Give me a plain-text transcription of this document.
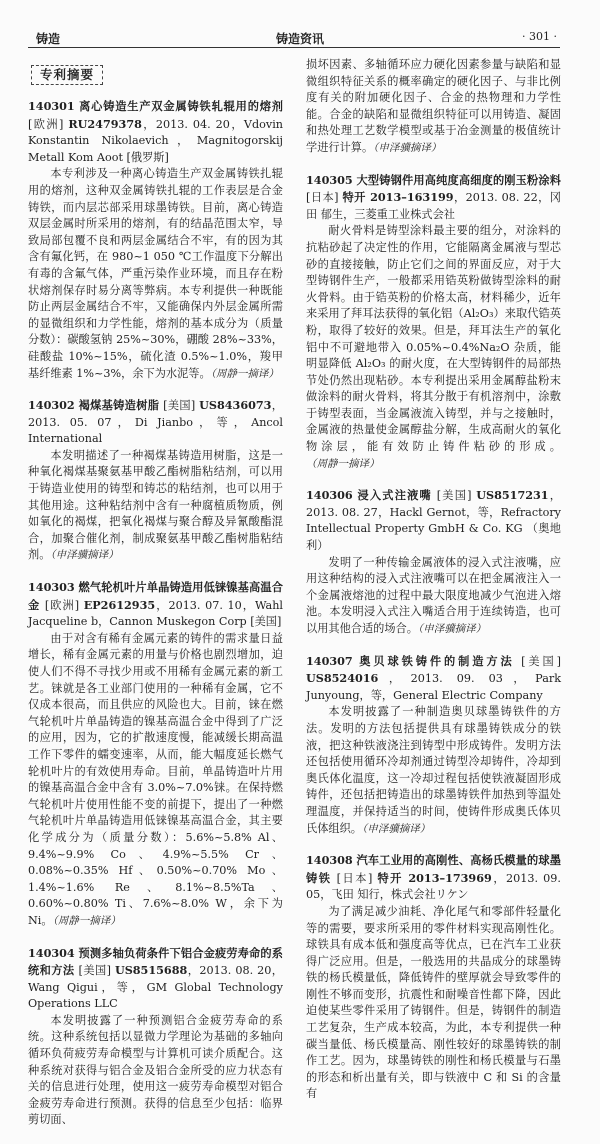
铸造	铸造资讯	· 301 ·
专利摘要

140301 离心铸造生产双金属铸铁轧辊用的熔剂 [欧洲] RU2479378，2013. 04. 20，Vdovin Konstantin Nikolaevich，Magnitogorskij Metall Kom Aoot [俄罗斯]

本专利涉及一种离心铸造生产双金属铸铁扎辊用的熔剂，这种双金属铸铁扎辊的工作表层是合金铸铁，而内层芯部采用球墨铸铁。目前，离心铸造双层金属时所采用的熔剂，有的结晶范围太窄，导致局部包覆不良和两层金属结合不牢，有的因为其含有氟化钙，在 980~1 050 ℃工作温度下分解出有毒的含氟气体，严重污染作业环境，而且存在粉状熔剂保存时易分离等弊病。本专利提供一种既能防止两层金属结合不牢，又能确保内外层金属所需的显微组织和力学性能，熔剂的基本成分为（质量分数）：碳酸氢钠 25%~30%，硼酸 28%~33%，硅酸盐 10%~15%，硫化渣 0.5%~1.0%，羧甲基纤维素 1%~3%，余下为水泥等。（周静一摘译）

140302 褐煤基铸造树脂 [美国] US8436073，2013. 05. 07，Di Jianbo，等，Ancol International

本发明描述了一种褐煤基铸造用树脂，这是一种氧化褐煤基聚氨基甲酸乙酯树脂粘结剂，可以用于铸造业使用的铸型和铸芯的粘结剂，也可以用于其他用途。这种粘结剂中含有一种腐植质物质，例如氧化的褐煤，把氧化褐煤与聚合醇及异氰酸酯混合，加聚合催化剂，制成聚氨基甲酸乙酯树脂粘结剂。（申泽骥摘译）

140303 燃气轮机叶片单晶铸造用低铼镍基高温合金 [欧洲] EP2612935，2013. 07. 10，Wahl Jacqueline b，Cannon Muskegon Corp [美国]

由于对含有稀有金属元素的铸件的需求量日益增长，稀有金属元素的用量与价格也剧烈增加，迫使人们不得不寻找少用或不用稀有金属元素的新工艺。铼就是各工业部门使用的一种稀有金属，它不仅成本很高，而且供应的风险也大。目前，铼在燃气轮机叶片单晶铸造的镍基高温合金中得到了广泛的应用，因为，它的扩散速度慢，能减缓长期高温工作下零件的蠕变速率，从而，能大幅度延长燃气轮机叶片的有效使用寿命。目前，单晶铸造叶片用的镍基高温合金中含有 3.0%~7.0%铼。在保持燃气轮机叶片使用性能不变的前提下，提出了一种燃气轮机叶片单晶铸造用低铼镍基高温合金，其主要化学成分为（质量分数）：5.6%~5.8% Al、9.4%~9.9% Co、4.9%~5.5% Cr、0.08%~0.35% Hf、0.50%~0.70% Mo、1.4%~1.6% Re、8.1%~8.5%Ta、0.60%~0.80% Ti、7.6%~8.0% W，余下为 Ni。（周静一摘译）

140304 预测多轴负荷条件下铝合金疲劳寿命的系统和方法 [美国] US8515688，2013. 08. 20，Wang Qigui，等，GM Global Technology Operations LLC

本发明披露了一种预测铝合金疲劳寿命的系统。这种系统包括以显微力学理论为基础的多轴向循环负荷疲劳寿命模型与计算机可读介质配合。这种系统对获得与铝合金及铝合金所受的应力状态有关的信息进行处理，使用这一疲劳寿命模型对铝合金疲劳寿命进行预测。获得的信息至少包括：临界剪切面、

损坏因素、多轴循环应力硬化因素参量与缺陷和显微组织特征关系的概率确定的硬化因子、与非比例度有关的附加硬化因子、合金的热物理和力学性能。合金的缺陷和显微组织特征可以用铸造、凝固和热处理工艺数学模型或基于冶金测量的极值统计学进行计算。（申泽骥摘译）

140305 大型铸钢件用高纯度高细度的刚玉粉涂料 [日本] 特开 2013–163199，2013. 08. 22，冈田 郁生，三菱重工业株式会社

耐火骨料是铸型涂料最主要的组分，对涂料的抗粘砂起了决定性的作用，它能隔离金属液与型芯砂的直接接触，防止它们之间的界面反应，对于大型铸钢件生产，一般都采用锆英粉做铸型涂料的耐火骨料。由于锆英粉的价格太高，材料稀少，近年来采用了拜耳法获得的氧化铝（Al₂O₃）来取代锆英粉，取得了较好的效果。但是，拜耳法生产的氧化铝中不可避地带入 0.05%~0.4%Na₂O 杂质，能明显降低 Al₂O₃ 的耐火度，在大型铸钢件的局部热节处仍然出现粘砂。本专利提出采用金属醇盐粉末做涂料的耐火骨料，将其分散于有机溶剂中，涂敷于铸型表面，当金属液流入铸型，并与之接触时，金属液的热量使金属醇盐分解，生成高耐火的氧化物涂层，能有效防止铸件粘砂的形成。（周静一摘译）

140306 浸入式注液嘴 [美国] US8517231，2013. 08. 27，Hackl Gernot，等，Refractory Intellectual Property GmbH & Co. KG （奥地利）

发明了一种传输金属液体的浸入式注液嘴，应用这种结构的浸入式注液嘴可以在把金属液注入一个金属液熔池的过程中最大限度地减少气泡进入熔池。本发明浸入式注入嘴适合用于连续铸造，也可以用其他合适的场合。（申泽骥摘译）

140307 奥贝球铁铸件的制造方法 [美国] US8524016，2013. 09. 03，Park Junyoung，等，General Electric Company

本发明披露了一种制造奥贝球墨铸铁件的方法。发明的方法包括提供具有球墨铸铁成分的铁液，把这种铁液浇注到铸型中形成铸件。发明方法还包括使用循环冷却剂通过铸型冷却铸件，冷却到奥氏体化温度，这一冷却过程包括使铁液凝固形成铸件，还包括把铸造出的球墨铸铁件加热到等温处理温度，并保持适当的时间，使铸件形成奥氏体贝氏体组织。（申泽骥摘译）

140308 汽车工业用的高刚性、高杨氏模量的球墨铸铁 [日本] 特开 2013–173969，2013. 09. 05，飞田 知行，株式会社リケン

为了满足减少油耗、净化尾气和零部件轻量化等的需要，要求所采用的零件材料实现高刚性化。球铁具有成本低和强度高等优点，已在汽车工业获得广泛应用。但是，一般选用的共晶成分的球墨铸铁的杨氏模量低，降低铸件的壁厚就会导致零件的刚性不够而变形，抗震性和耐噪音性都下降，因此迫使某些零件采用了铸钢件。但是，铸钢件的制造工艺复杂，生产成本较高，为此，本专利提供一种碳当量低、杨氏模量高、刚性较好的球墨铸铁的制作工艺。因为，球墨铸铁的刚性和杨氏模量与石墨的形态和析出量有关，即与铁液中 C 和 Si 的含量有
